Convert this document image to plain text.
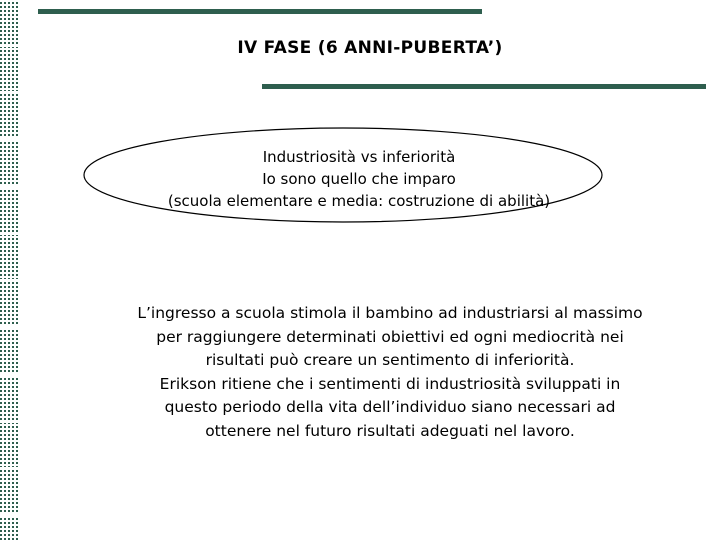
IV FASE (6 ANNI-PUBERTA’)
Industriosità vs inferiorità
Io sono quello che imparo
(scuola elementare e media: costruzione di abilità)
L’ingresso a scuola stimola il bambino ad industriarsi al massimo
per raggiungere determinati obiettivi ed ogni mediocrità nei
risultati può creare un sentimento di inferiorità.
Erikson ritiene che i sentimenti di industriosità sviluppati in
questo periodo della vita dell’individuo siano necessari ad
ottenere nel futuro risultati adeguati nel lavoro.
